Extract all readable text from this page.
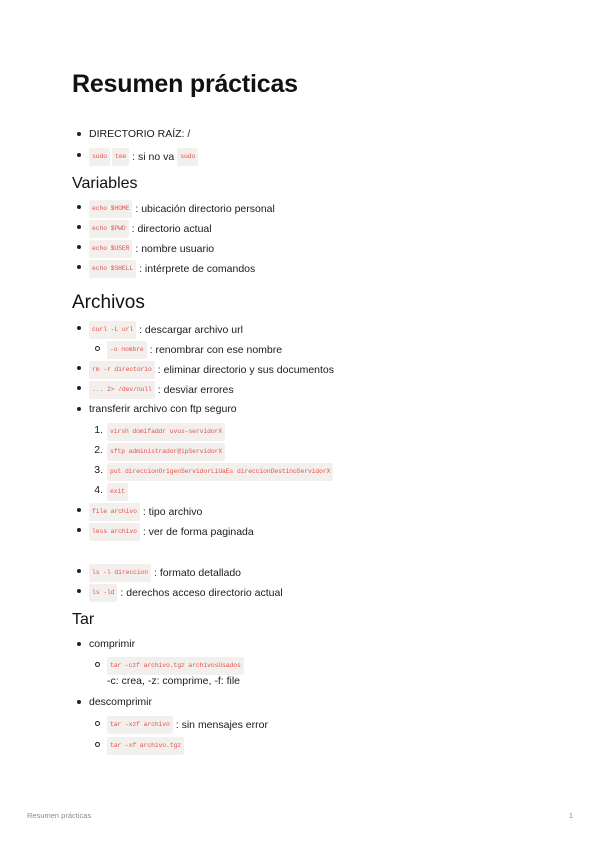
Resumen prácticas
DIRECTORIO RAÍZ: /
sudo	tee : si no va sudo
Variables
echo $HOME : ubicación directorio personal
echo $PWD : directorio actual
echo $USER : nombre usuario
echo $SHELL : intérprete de comandos
Archivos
curl -L url : descargar archivo url
-o nombre : renombrar con ese nombre
rm -r directorio : eliminar directorio y sus documentos
... 2> /dev/null : desviar errores
transferir archivo con ftp seguro
1.	virsh domifaddr uvus-servidorX
2.	sftp administrador@ipServidorX
3.	put direccionOrigenServidorLiUaEs direccionDestinoServidorX
4.	exit
file archivo : tipo archivo
less archivo : ver de forma paginada
ls -l direccion : formato detallado
ls -ld : derechos acceso directorio actual
Tar
comprimir
tar -czf archivo.tgz archivosUsados
-c: crea, -z: comprime, -f: file
descomprimir
tar -xzf archivo : sin mensajes error
tar -xf archivo.tgz
Resumen prácticas	1
